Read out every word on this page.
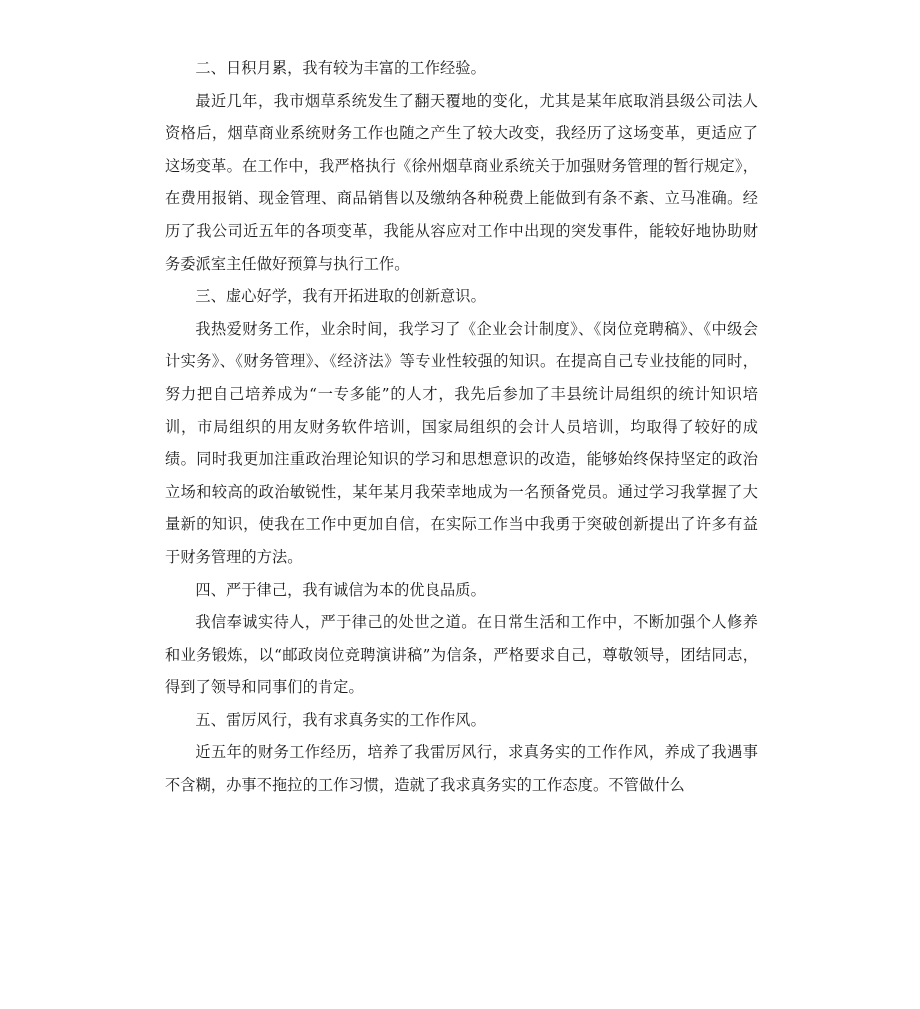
二、日积月累，我有较为丰富的工作经验。

最近几年，我市烟草系统发生了翻天覆地的变化，尤其是某年底取消县级公司法人资格后，烟草商业系统财务工作也随之产生了较大改变，我经历了这场变革，更适应了这场变革。在工作中，我严格执行《徐州烟草商业系统关于加强财务管理的暂行规定》，在费用报销、现金管理、商品销售以及缴纳各种税费上能做到有条不紊、立马准确。经历了我公司近五年的各项变革，我能从容应对工作中出现的突发事件，能较好地协助财务委派室主任做好预算与执行工作。

三、虚心好学，我有开拓进取的创新意识。

我热爱财务工作，业余时间，我学习了《企业会计制度》、《岗位竞聘稿》、《中级会计实务》、《财务管理》、《经济法》等专业性较强的知识。在提高自己专业技能的同时，努力把自己培养成为“一专多能”的人才，我先后参加了丰县统计局组织的统计知识培训，市局组织的用友财务软件培训，国家局组织的会计人员培训，均取得了较好的成绩。同时我更加注重政治理论知识的学习和思想意识的改造，能够始终保持坚定的政治立场和较高的政治敏锐性，某年某月我荣幸地成为一名预备党员。通过学习我掌握了大量新的知识，使我在工作中更加自信，在实际工作当中我勇于突破创新提出了许多有益于财务管理的方法。

四、严于律己，我有诚信为本的优良品质。

我信奉诚实待人，严于律己的处世之道。在日常生活和工作中，不断加强个人修养和业务锻炼，以“邮政岗位竞聘演讲稿”为信条，严格要求自己，尊敬领导，团结同志，得到了领导和同事们的肯定。

五、雷厉风行，我有求真务实的工作作风。

近五年的财务工作经历，培养了我雷厉风行，求真务实的工作作风，养成了我遇事不含糊，办事不拖拉的工作习惯，造就了我求真务实的工作态度。不管做什么
